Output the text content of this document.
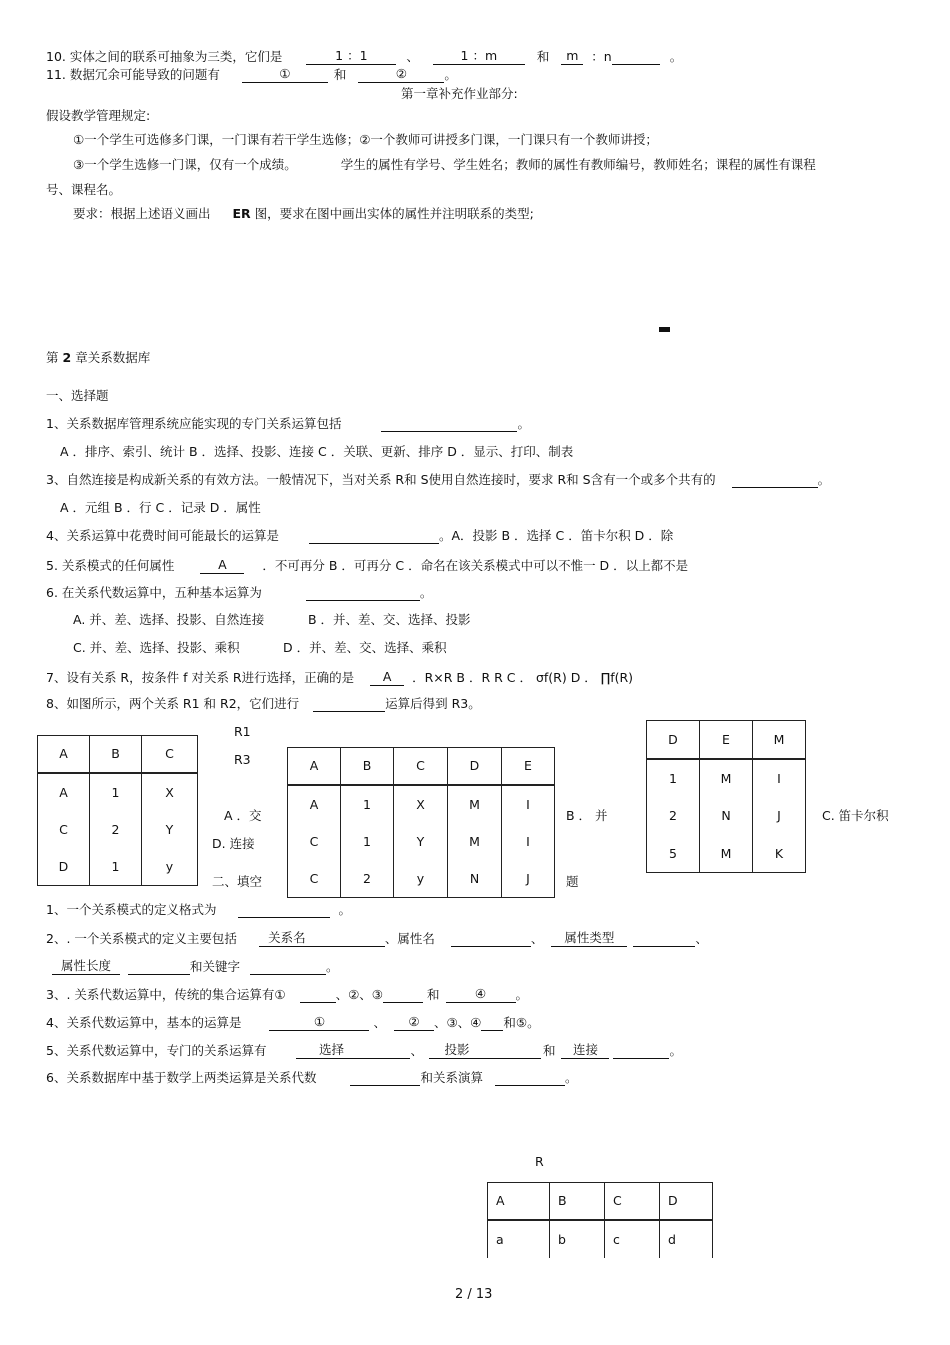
10. 实体之间的联系可抽象为三类，它们是	1 ：1	、	1 ：m	和 m ：n	。
11. 数据冗余可能导致的问题有	①	和	②	。
第一章补充作业部分:
假设教学管理规定:
①一个学生可选修多门课，一门课有若干学生选修；②一个教师可讲授多门课，一门课只有一个教师讲授；
③一个学生选修一门课，仅有一个成绩。	学生的属性有学号、学生姓名；教师的属性有教师编号，教师姓名；课程的属性有课程
号、课程名。
要求：根据上述语义画出 ER 图，要求在图中画出实体的属性并注明联系的类型;
第 2 章关系数据库
一、选择题
1、关系数据库管理系统应能实现的专门关系运算包括	。
A ．排序、索引、统计 B ．选择、投影、连接 C ．关联、更新、排序 D ．显示、打印、制表
3、自然连接是构成新关系的有效方法。一般情况下，当对关系 R和 S使用自然连接时，要求 R和 S含有一个或多个共有的	。
A ．元组 B ．行 C ．记录 D ．属性
4、关系运算中花费时间可能最长的运算是	。A．投影 B ．选择 C ．笛卡尔积 D ．除
5. 关系模式的任何属性	A	．不可再分 B ．可再分 C ．命名在该关系模式中可以不惟一 D ．以上都不是
6. 在关系代数运算中，五种基本运算为	。
A. 并、差、选择、投影、自然连接	B ．并、差、交、选择、投影
C. 并、差、选择、投影、乘积	D ．并、差、交、选择、乘积
7、设有关系 R，按条件 f 对关系 R进行选择，正确的是 A ．R×R B ．R R C ． σf(R) D ． ∏f(R)
8、如图所示，两个关系 R1 和 R2，它们进行	运算后得到 R3。
A	B	C
A	1	X
C	2	Y
D	1	y
R1
R3
A ．交
D. 连接
二、填空
A	B	C	D	E
A	1	X	M	I
C	1	Y	M	I
C	2	y	N	J
B ． 并
题
D	E	M
1	M	I
2	N	J
5	M	K
C. 笛卡尔积
1、一个关系模式的定义格式为	。
2、. 一个关系模式的定义主要包括 关系名	、属性名	、 属性类型	、
属性长度	和关键字	。
3、. 关系代数运算中，传统的集合运算有①	、②、③	和	④ 。
4、关系代数运算中，基本的运算是	①	、 ② 、③、④ 和⑤。
5、关系代数运算中，专门的关系运算有	选择	、 投影	和 连接	。
6、关系数据库中基于数学上两类运算是关系代数	和关系演算	。
R
A	B	C	D
a	b	c	d
2 / 13
